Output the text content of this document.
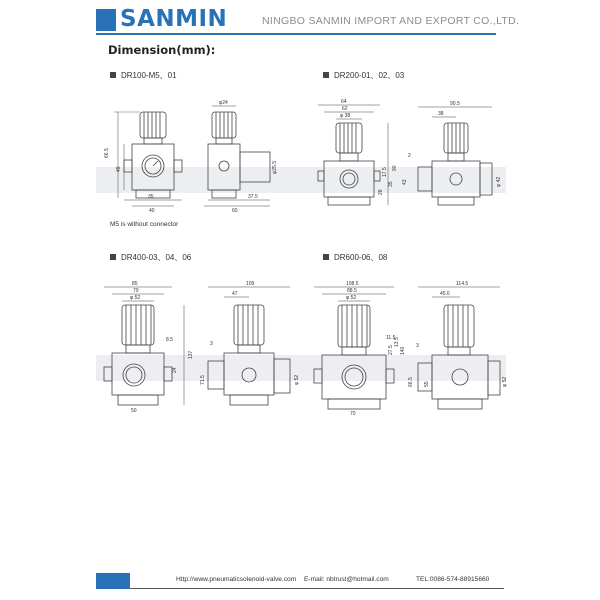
SANMIN	NINGBO SANMIN IMPORT AND EXPORT CO.,LTD.
Dimension(mm):
DR100-M5、01	DR200-01、02、03
DR400-03、04、06	DR600-06、08
M5 is without connector
66.5
49
35
40
φ24
37.5
60
φ25.5
64
62
φ 38
90
17.5
35
28
90.5
38
2
43	φ 42
85
70
φ 52
8.5
137
24
50
109
47
3
71.5	φ 52
108.5
88.5
φ 52
11.5
27.5
13.5
140
70
114.5
45.6
3
66.5 55	φ 52
Http://www.pneumaticsolenoid-valve.com E-mail: nbtrust@hotmail.com	TEL:0086-574-88915660
